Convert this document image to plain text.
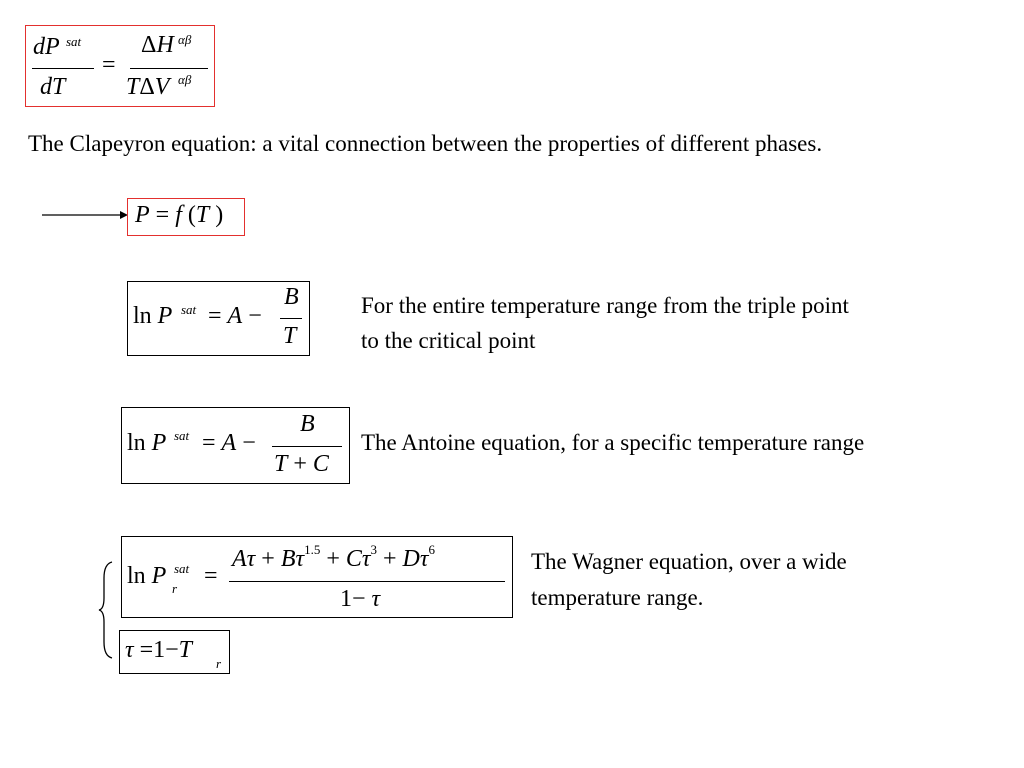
dP sat
dT
=
ΔH αβ
TΔV αβ
The Clapeyron equation: a vital connection between the properties of different phases.
P = f (T )
ln P sat = A −
B
T
For the entire temperature range from the triple point
to the critical point
ln P sat = A −
B
T + C
The Antoine equation, for a specific temperature range
ln P sat
r =
$A\tau + B\tau^{1.5} + C\tau^3 + D\tau^6$
1− τ
τ =1−T
r
The Wagner equation, over a wide
temperature range.
